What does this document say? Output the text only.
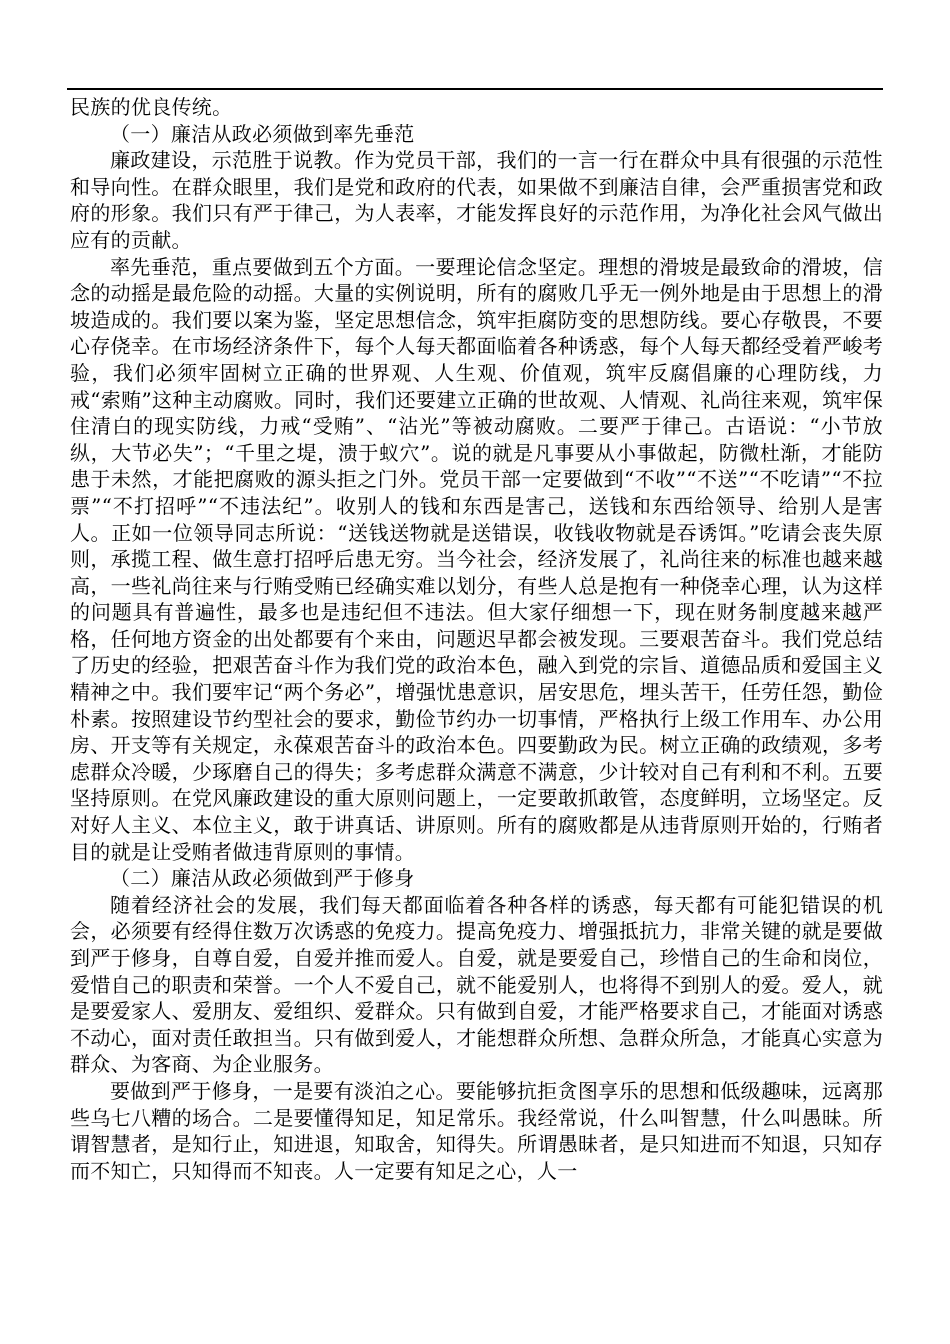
民族的优良传统。

（一）廉洁从政必须做到率先垂范

廉政建设，示范胜于说教。作为党员干部，我们的一言一行在群众中具有很强的示范性和导向性。在群众眼里，我们是党和政府的代表，如果做不到廉洁自律，会严重损害党和政府的形象。我们只有严于律己，为人表率，才能发挥良好的示范作用，为净化社会风气做出应有的贡献。

率先垂范，重点要做到五个方面。一要理论信念坚定。理想的滑坡是最致命的滑坡，信念的动摇是最危险的动摇。大量的实例说明，所有的腐败几乎无一例外地是由于思想上的滑坡造成的。我们要以案为鉴，坚定思想信念，筑牢拒腐防变的思想防线。要心存敬畏，不要心存侥幸。在市场经济条件下，每个人每天都面临着各种诱惑，每个人每天都经受着严峻考验，我们必须牢固树立正确的世界观、人生观、价值观，筑牢反腐倡廉的心理防线，力戒“索贿”这种主动腐败。同时，我们还要建立正确的世故观、人情观、礼尚往来观，筑牢保住清白的现实防线，力戒“受贿”、“沾光”等被动腐败。二要严于律己。古语说：“小节放纵，大节必失”；“千里之堤，溃于蚁穴”。说的就是凡事要从小事做起，防微杜渐，才能防患于未然，才能把腐败的源头拒之门外。党员干部一定要做到“不收”“不送”“不吃请”“不拉票”“不打招呼”“不违法纪”。收别人的钱和东西是害己，送钱和东西给领导、给别人是害人。正如一位领导同志所说：“送钱送物就是送错误，收钱收物就是吞诱饵。”吃请会丧失原则，承揽工程、做生意打招呼后患无穷。当今社会，经济发展了，礼尚往来的标准也越来越高，一些礼尚往来与行贿受贿已经确实难以划分，有些人总是抱有一种侥幸心理，认为这样的问题具有普遍性，最多也是违纪但不违法。但大家仔细想一下，现在财务制度越来越严格，任何地方资金的出处都要有个来由，问题迟早都会被发现。三要艰苦奋斗。我们党总结了历史的经验，把艰苦奋斗作为我们党的政治本色，融入到党的宗旨、道德品质和爱国主义精神之中。我们要牢记“两个务必”，增强忧患意识，居安思危，埋头苦干，任劳任怨，勤俭朴素。按照建设节约型社会的要求，勤俭节约办一切事情，严格执行上级工作用车、办公用房、开支等有关规定，永葆艰苦奋斗的政治本色。四要勤政为民。树立正确的政绩观，多考虑群众冷暖，少琢磨自己的得失；多考虑群众满意不满意，少计较对自己有利和不利。五要坚持原则。在党风廉政建设的重大原则问题上，一定要敢抓敢管，态度鲜明，立场坚定。反对好人主义、本位主义，敢于讲真话、讲原则。所有的腐败都是从违背原则开始的，行贿者目的就是让受贿者做违背原则的事情。

（二）廉洁从政必须做到严于修身

随着经济社会的发展，我们每天都面临着各种各样的诱惑，每天都有可能犯错误的机会，必须要有经得住数万次诱惑的免疫力。提高免疫力、增强抵抗力，非常关键的就是要做到严于修身，自尊自爱，自爱并推而爱人。自爱，就是要爱自己，珍惜自己的生命和岗位，爱惜自己的职责和荣誉。一个人不爱自己，就不能爱别人，也将得不到别人的爱。爱人，就是要爱家人、爱朋友、爱组织、爱群众。只有做到自爱，才能严格要求自己，才能面对诱惑不动心，面对责任敢担当。只有做到爱人，才能想群众所想、急群众所急，才能真心实意为群众、为客商、为企业服务。

要做到严于修身，一是要有淡泊之心。要能够抗拒贪图享乐的思想和低级趣味，远离那些乌七八糟的场合。二是要懂得知足，知足常乐。我经常说，什么叫智慧，什么叫愚昧。所谓智慧者，是知行止，知进退，知取舍，知得失。所谓愚昧者，是只知进而不知退，只知存而不知亡，只知得而不知丧。人一定要有知足之心，人一
